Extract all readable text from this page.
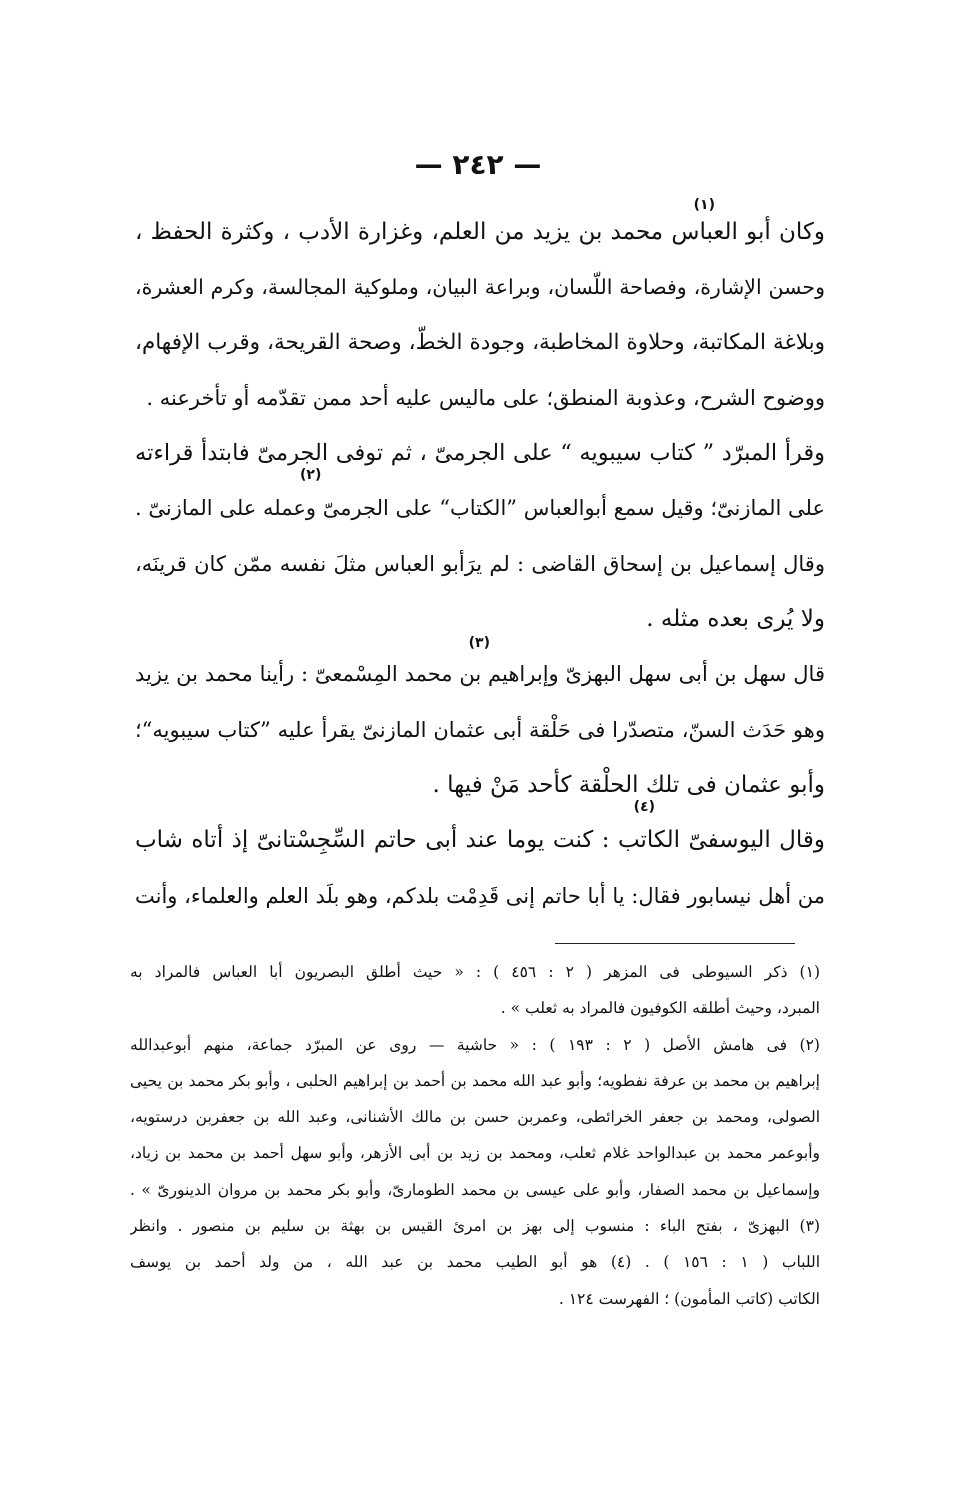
— ٢٤٢ —
(١)
وكان أبو العباس محمد بن يزيد من العلم، وغزارة الأدب ، وكثرة الحفظ ،
وحسن الإشارة، وفصاحة اللّسان، وبراعة البيان، وملوكية المجالسة، وكرم العشرة،
وبلاغة المكاتبة، وحلاوة المخاطبة، وجودة الخطّ، وصحة القريحة، وقرب الإفهام،
ووضوح الشرح، وعذوبة المنطق؛ على ماليس عليه أحد ممن تقدّمه أو تأخرعنه .
وقرأ المبرّد ” كتاب سيبويه “ على الجرمىّ ، ثم توفى الجرمىّ فابتدأ قراءته
(٢)
على المازنىّ؛ وقيل سمع أبوالعباس ”الكتاب“ على الجرمىّ وعمله على المازنىّ .
وقال إسماعيل بن إسحاق القاضى : لم يرَأبو العباس مثلَ نفسه ممّن كان قرينَه،
ولا يُرى بعده مثله .
(٣)
قال سهل بن أبى سهل البهزىّ وإبراهيم بن محمد المِسْمعىّ : رأينا محمد بن يزيد
وهو حَدَث السنّ، متصدّرا فى حَلْقة أبى عثمان المازنىّ يقرأ عليه ”كتاب سيبويه“؛
وأبو عثمان فى تلك الحلْقة كأحد مَنْ فيها .
(٤)
وقال اليوسفىّ الكاتب : كنت يوما عند أبى حاتم السِّجِسْتانىّ إذ أتاه شاب
من أهل نيسابور فقال: يا أبا حاتم إنى قَدِمْت بلدكم، وهو بلَد العلم والعلماء، وأنت
(١) ذكر السيوطى فى المزهر ( ٢ : ٤٥٦ ) : « حيث أطلق البصريون أبا العباس فالمراد به
المبرد، وحيث أطلقه الكوفيون فالمراد به ثعلب » .
(٢) فى هامش الأصل ( ٢ : ١٩٣ ) : « حاشية — روى عن المبرّد جماعة، منهم أبوعبدالله
إبراهيم بن محمد بن عرفة نفطويه؛ وأبو عبد الله محمد بن أحمد بن إبراهيم الحلبى ، وأبو بكر محمد بن يحيى
الصولى، ومحمد بن جعفر الخرائطى، وعمربن حسن بن مالك الأشنانى، وعبد الله بن جعفربن درستويه،
وأبوعمر محمد بن عبدالواحد غلام ثعلب، ومحمد بن زيد بن أبى الأزهر، وأبو سهل أحمد بن محمد بن زياد،
وإسماعيل بن محمد الصفار، وأبو على عيسى بن محمد الطومارىّ، وأبو بكر محمد بن مروان الدينورىّ » .
(٣) البهزىّ ، بفتح الباء : منسوب إلى بهز بن امرئ القيس بن بهثة بن سليم بن منصور . وانظر
اللباب ( ١ : ١٥٦ ) . (٤) هو أبو الطيب محمد بن عبد الله ، من ولد أحمد بن يوسف
الكاتب (كاتب المأمون) ؛ الفهرست ١٢٤ .
